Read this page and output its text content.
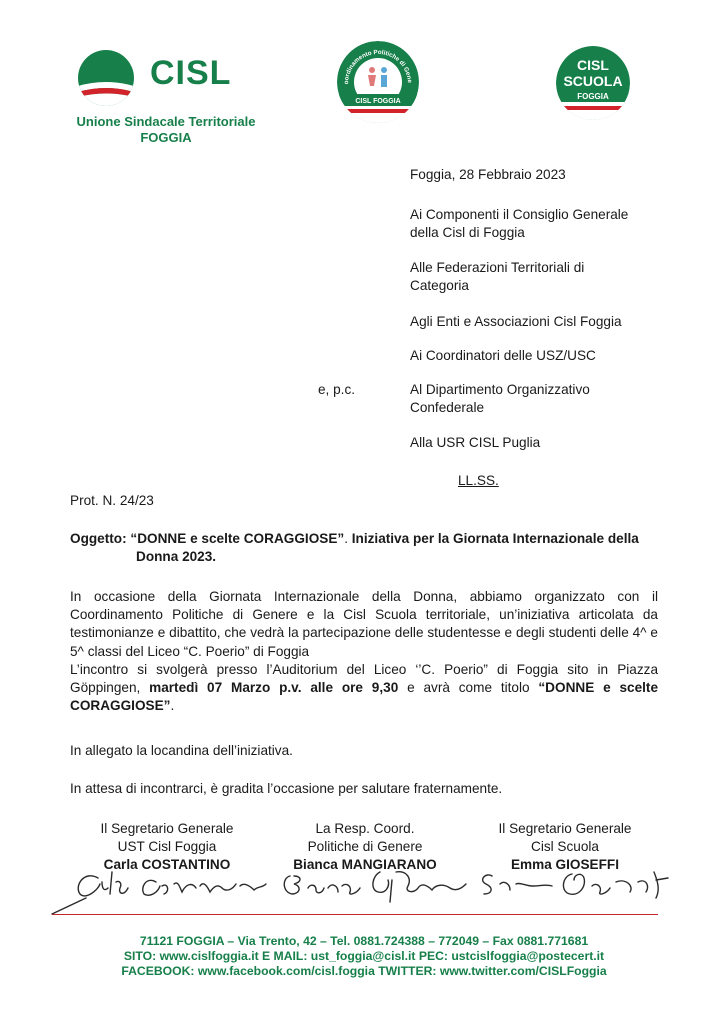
CISL
Unione Sindacale Territoriale
FOGGIA
oordinamento Politiche di Gene
CISL FOGGIA
CISL
SCUOLA
FOGGIA
Foggia, 28 Febbraio 2023
Ai Componenti il Consiglio Generale
della Cisl di Foggia
Alle Federazioni Territoriali di
Categoria
Agli Enti e Associazioni Cisl Foggia
Ai Coordinatori delle USZ/USC
e, p.c.	Al Dipartimento Organizzativo
Confederale
Alla USR CISL Puglia
LL.SS.
Prot. N. 24/23
Oggetto: “DONNE e scelte CORAGGIOSE”. Iniziativa per la Giornata Internazionale della
Donna 2023.
In occasione della Giornata Internazionale della Donna, abbiamo organizzato con il Coordinamento Politiche di Genere e la Cisl Scuola territoriale, un’iniziativa articolata da testimonianze e dibattito, che vedrà la partecipazione delle studentesse e degli studenti delle 4^ e 5^ classi del Liceo “C. Poerio” di Foggia
L’incontro si svolgerà presso l’Auditorium del Liceo ‘’C. Poerio” di Foggia sito in Piazza Göppingen, martedì 07 Marzo p.v. alle ore 9,30 e avrà come titolo “DONNE e scelte CORAGGIOSE”.
In allegato la locandina dell’iniziativa.
In attesa di incontrarci, è gradita l’occasione per salutare fraternamente.
Il Segretario Generale
UST Cisl Foggia
Carla COSTANTINO
La Resp. Coord.
Politiche di Genere
Bianca MANGIARANO
Il Segretario Generale
Cisl Scuola
Emma GIOSEFFI
71121 FOGGIA – Via Trento, 42 – Tel. 0881.724388 – 772049 – Fax 0881.771681
SITO: www.cislfoggia.it E MAIL: ust_foggia@cisl.it PEC: ustcislfoggia@postecert.it
FACEBOOK: www.facebook.com/cisl.foggia TWITTER: www.twitter.com/CISLFoggia
